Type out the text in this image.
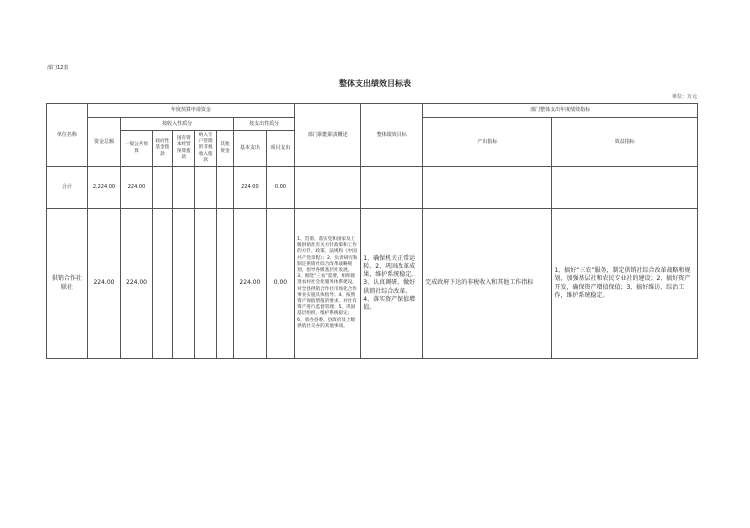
部门12表
整体支出绩效目标表
单位：万元
单位名称	年度预算申请资金								部门职能职责概述	整体绩效目标	部门整体支出年度绩效指标	
	资金总额	按收入性质分					按支出性质分				产出指标	效益指标
		一般公共预算	政府性基金拨款	国有资本经营预算拨款	纳入专户管理的非税收入拨款	其他资金	基本支出	项目支出				
合计	2,224.00	224.00					224.00	0.00				
供销合作社联社	224.00	224.00					224.00	0.00	1、贯彻、落实党和国家及上级供销社有关方针政策和工作的方针、政策、法规和《中国共产党章程》；2、负责研究和制定供销社综合改革战略规划，指导各级基层社发展。3、围绕“三农”需要，组织推进农村社会化服务体系建设，对全县供销合作社市场化合作事业实施具体指导；4、按照资产保值增值的要求，对社有资产进行监督管理；5、巩固基层组织，维护系统稳定；6、承办县委、县政府及上级供销社交办的其他事项。	1、确保机关正常运转。2、巩固改革成果，维护系统稳定。3、认真调研，做好供销社综合改革。4、落实资产保值增值。	完成政府下达的非税收入和其他工作指标	1、搞好“三农”服务，制定供销社综合改革战略和规划，加强基层社和农民专业社的建设；2、搞好资产开发，确保资产增值保值；3、搞好维访、综治工作，维护系统稳定。
